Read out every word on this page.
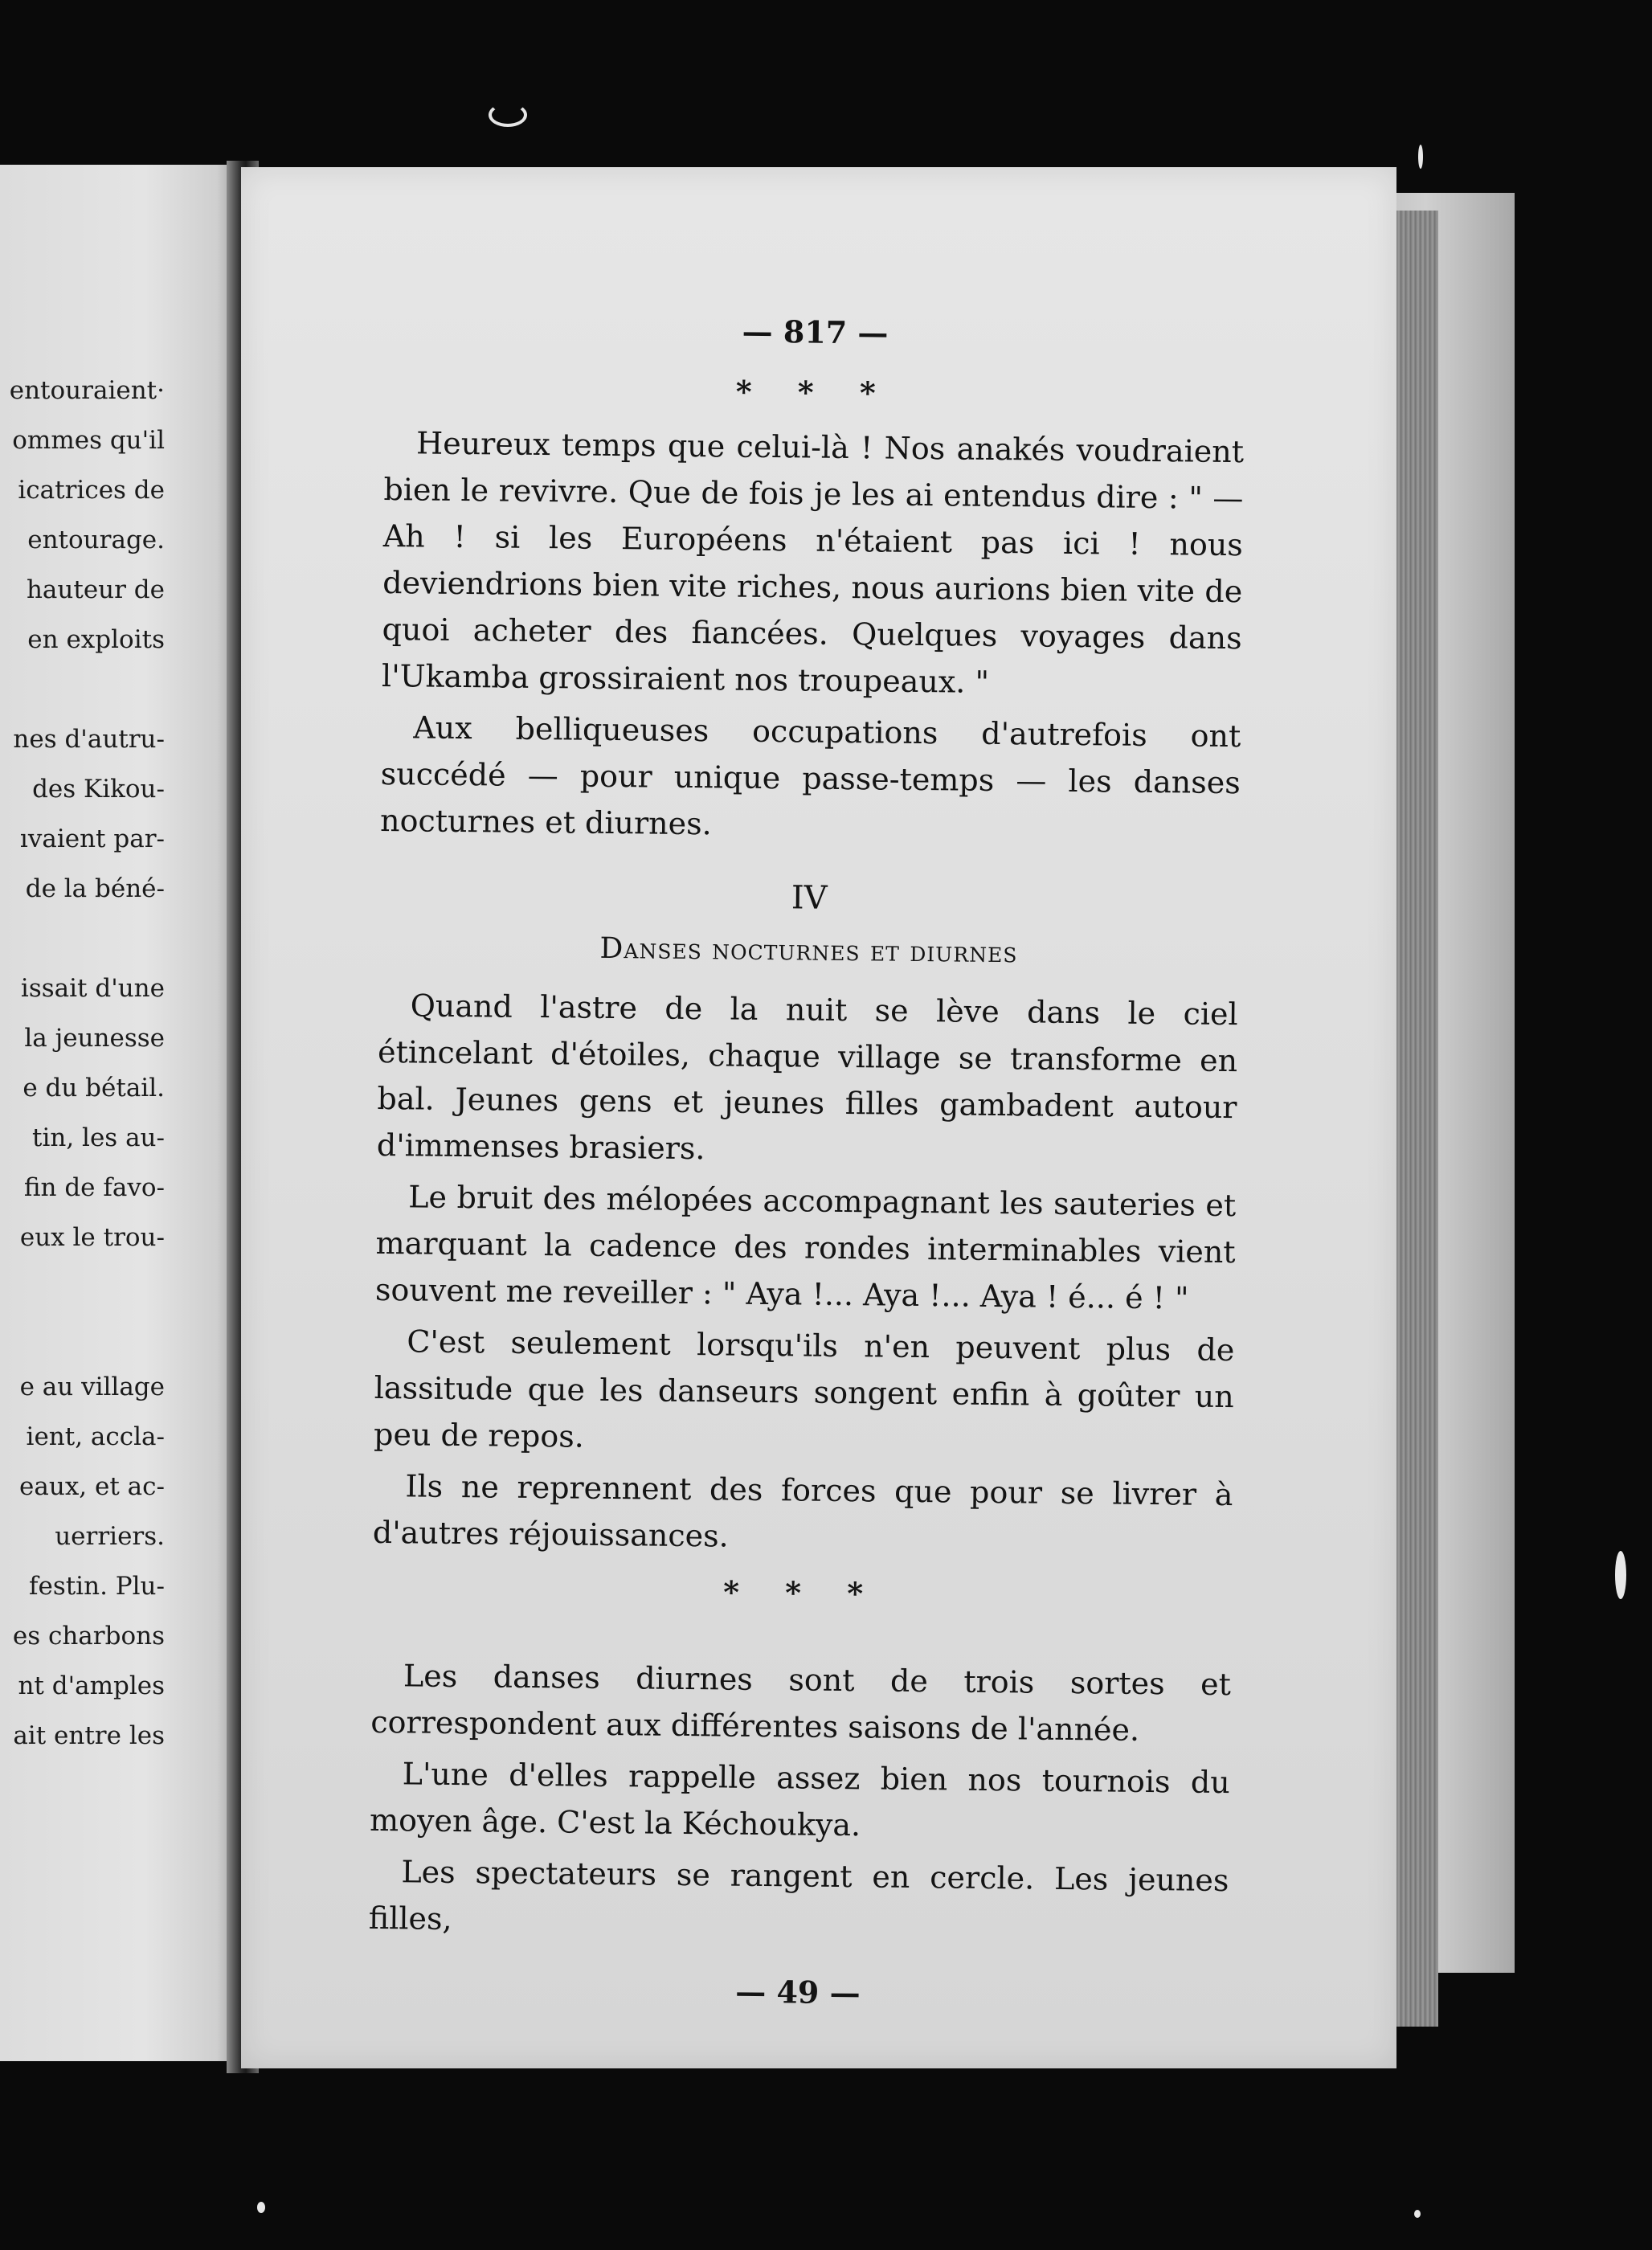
entouraient·
ommes qu'il
icatrices de
entourage.
hauteur de
en exploits
nes d'autru-
des Kikou-
ıvaient par-
de la béné-
issait d'une
la jeunesse
e du bétail.
tin, les au-
fin de favo-
eux le trou-
e au village
ient, accla-
eaux, et ac-
uerriers.
festin. Plu-
es charbons
nt d'amples
ait entre les
— 817 —
* * *

Heureux temps que celui-là ! Nos anakés voudraient bien le revivre. Que de fois je les ai entendus dire : " — Ah ! si les Européens n'étaient pas ici ! nous deviendrions bien vite riches, nous aurions bien vite de quoi acheter des fiancées. Quelques voyages dans l'Ukamba grossiraient nos troupeaux. "

Aux belliqueuses occupations d'autrefois ont succédé — pour unique passe-temps — les danses nocturnes et diurnes.

IV
Danses nocturnes et diurnes

Quand l'astre de la nuit se lève dans le ciel étincelant d'étoiles, chaque village se transforme en bal. Jeunes gens et jeunes filles gambadent autour d'immenses brasiers.

Le bruit des mélopées accompagnant les sauteries et marquant la cadence des rondes interminables vient souvent me reveiller : " Aya !... Aya !... Aya ! é... é ! "

C'est seulement lorsqu'ils n'en peuvent plus de lassitude que les danseurs songent enfin à goûter un peu de repos.

Ils ne reprennent des forces que pour se livrer à d'autres réjouissances.

* * *

Les danses diurnes sont de trois sortes et correspondent aux différentes saisons de l'année.

L'une d'elles rappelle assez bien nos tournois du moyen âge. C'est la Kéchoukya.

Les spectateurs se rangent en cercle. Les jeunes filles,

— 49 —
